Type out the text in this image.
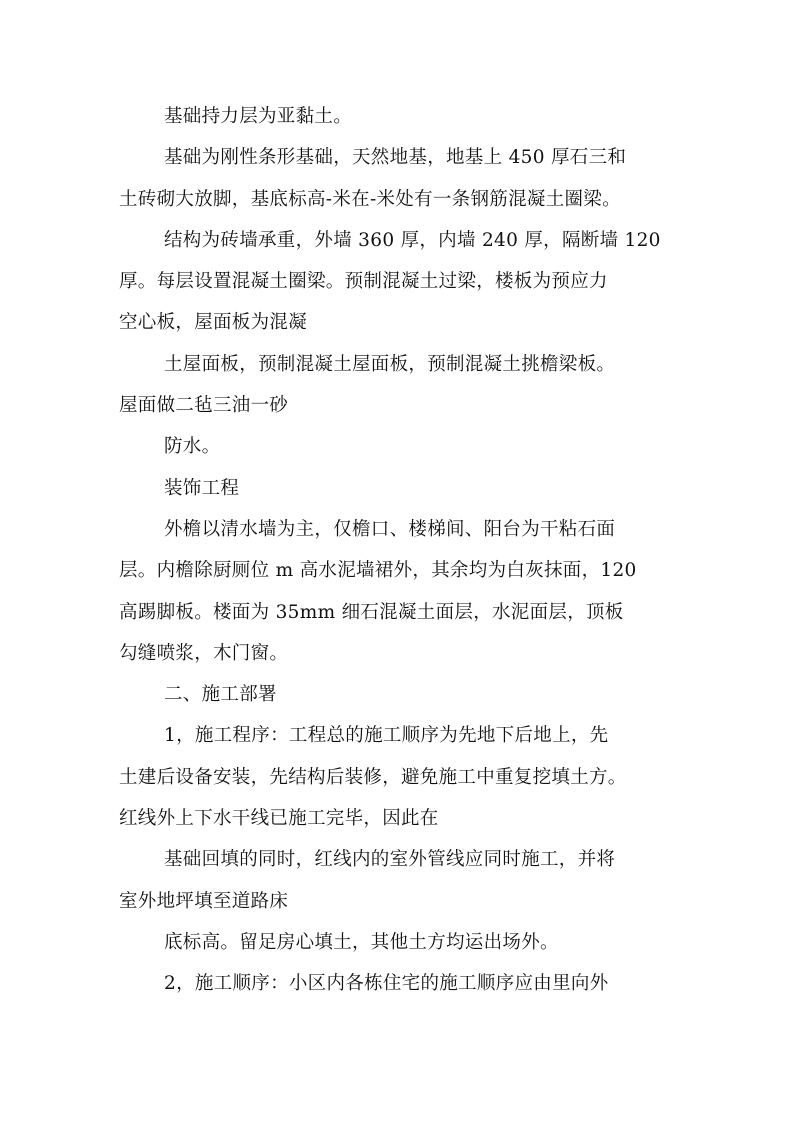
基础持力层为亚黏土。
基础为刚性条形基础，天然地基，地基上 450 厚石三和
土砖砌大放脚，基底标高-米在-米处有一条钢筋混凝土圈梁。
结构为砖墙承重，外墙 360 厚，内墙 240 厚，隔断墙 120
厚。每层设置混凝土圈梁。预制混凝土过梁，楼板为预应力
空心板，屋面板为混凝
土屋面板，预制混凝土屋面板，预制混凝土挑檐梁板。
屋面做二毡三油一砂
防水。
装饰工程
外檐以清水墙为主，仅檐口、楼梯间、阳台为干粘石面
层。内檐除厨厕位 m 高水泥墙裙外，其余均为白灰抹面，120
高踢脚板。楼面为 35mm 细石混凝土面层，水泥面层，顶板
勾缝喷浆，木门窗。
二、施工部署
1，施工程序：工程总的施工顺序为先地下后地上，先
土建后设备安装，先结构后装修，避免施工中重复挖填土方。
红线外上下水干线已施工完毕，因此在
基础回填的同时，红线内的室外管线应同时施工，并将
室外地坪填至道路床
底标高。留足房心填土，其他土方均运出场外。
2，施工顺序：小区内各栋住宅的施工顺序应由里向外
